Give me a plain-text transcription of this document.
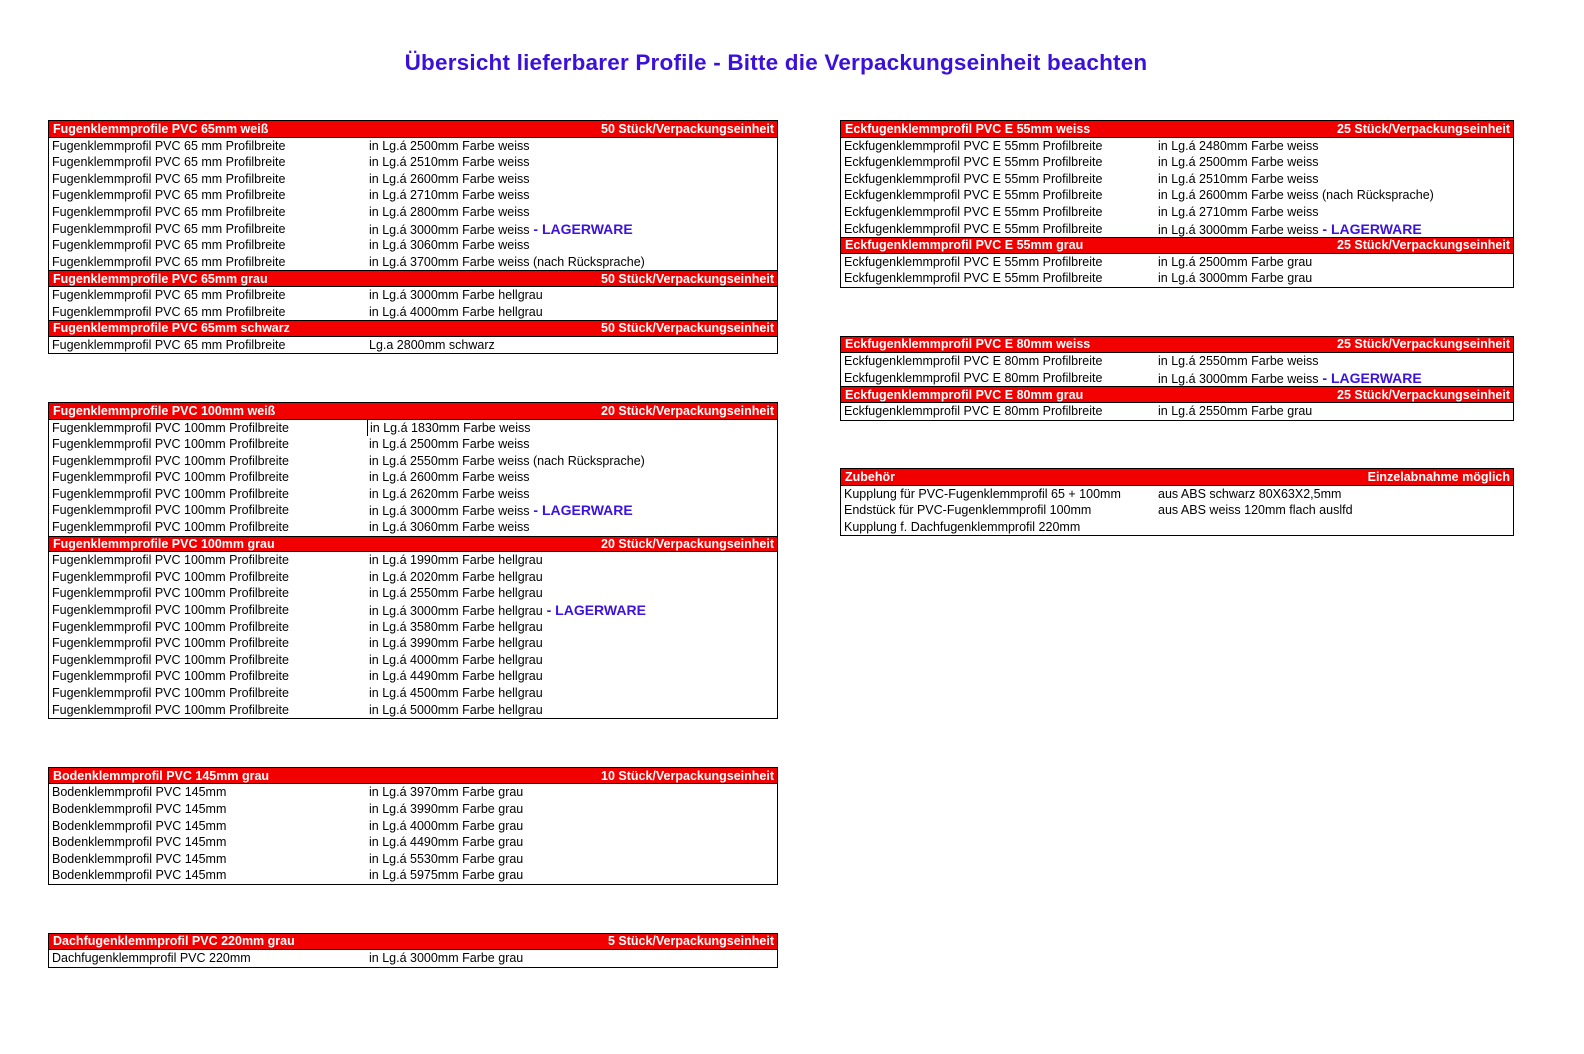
Übersicht lieferbarer Profile - Bitte die Verpackungseinheit beachten
Fugenklemmprofile PVC 65mm weiß	50 Stück/Verpackungseinheit
Fugenklemmprofil PVC 65 mm Profilbreite	in Lg.á 2500mm Farbe weiss
Fugenklemmprofil PVC 65 mm Profilbreite	in Lg.á 2510mm Farbe weiss
Fugenklemmprofil PVC 65 mm Profilbreite	in Lg.á 2600mm Farbe weiss
Fugenklemmprofil PVC 65 mm Profilbreite	in Lg.á 2710mm Farbe weiss
Fugenklemmprofil PVC 65 mm Profilbreite	in Lg.á 2800mm Farbe weiss
Fugenklemmprofil PVC 65 mm Profilbreite	in Lg.á 3000mm Farbe weiss - LAGERWARE
Fugenklemmprofil PVC 65 mm Profilbreite	in Lg.á 3060mm Farbe weiss
Fugenklemmprofil PVC 65 mm Profilbreite	in Lg.á 3700mm Farbe weiss (nach Rücksprache)
Fugenklemmprofile PVC 65mm grau	50 Stück/Verpackungseinheit
Fugenklemmprofil PVC 65 mm Profilbreite	in Lg.á 3000mm Farbe hellgrau
Fugenklemmprofil PVC 65 mm Profilbreite	in Lg.á 4000mm Farbe hellgrau
Fugenklemmprofile PVC 65mm schwarz	50 Stück/Verpackungseinheit
Fugenklemmprofil PVC 65 mm Profilbreite	Lg.a 2800mm schwarz
Fugenklemmprofile PVC 100mm weiß	20 Stück/Verpackungseinheit
Fugenklemmprofil PVC 100mm Profilbreite	in Lg.á 1830mm Farbe weiss
Fugenklemmprofil PVC 100mm Profilbreite	in Lg.á 2500mm Farbe weiss
Fugenklemmprofil PVC 100mm Profilbreite	in Lg.á 2550mm Farbe weiss (nach Rücksprache)
Fugenklemmprofil PVC 100mm Profilbreite	in Lg.á 2600mm Farbe weiss
Fugenklemmprofil PVC 100mm Profilbreite	in Lg.á 2620mm Farbe weiss
Fugenklemmprofil PVC 100mm Profilbreite	in Lg.á 3000mm Farbe weiss - LAGERWARE
Fugenklemmprofil PVC 100mm Profilbreite	in Lg.á 3060mm Farbe weiss
Fugenklemmprofile PVC 100mm grau	20 Stück/Verpackungseinheit
Fugenklemmprofil PVC 100mm Profilbreite	in Lg.á 1990mm Farbe hellgrau
Fugenklemmprofil PVC 100mm Profilbreite	in Lg.á 2020mm Farbe hellgrau
Fugenklemmprofil PVC 100mm Profilbreite	in Lg.á 2550mm Farbe hellgrau
Fugenklemmprofil PVC 100mm Profilbreite	in Lg.á 3000mm Farbe hellgrau - LAGERWARE
Fugenklemmprofil PVC 100mm Profilbreite	in Lg.á 3580mm Farbe hellgrau
Fugenklemmprofil PVC 100mm Profilbreite	in Lg.á 3990mm Farbe hellgrau
Fugenklemmprofil PVC 100mm Profilbreite	in Lg.á 4000mm Farbe hellgrau
Fugenklemmprofil PVC 100mm Profilbreite	in Lg.á 4490mm Farbe hellgrau
Fugenklemmprofil PVC 100mm Profilbreite	in Lg.á 4500mm Farbe hellgrau
Fugenklemmprofil PVC 100mm Profilbreite	in Lg.á 5000mm Farbe hellgrau
Bodenklemmprofil PVC 145mm grau	10 Stück/Verpackungseinheit
Bodenklemmprofil PVC 145mm	in Lg.á 3970mm Farbe grau
Bodenklemmprofil PVC 145mm	in Lg.á 3990mm Farbe grau
Bodenklemmprofil PVC 145mm	in Lg.á 4000mm Farbe grau
Bodenklemmprofil PVC 145mm	in Lg.á 4490mm Farbe grau
Bodenklemmprofil PVC 145mm	in Lg.á 5530mm Farbe grau
Bodenklemmprofil PVC 145mm	in Lg.á 5975mm Farbe grau
Dachfugenklemmprofil PVC 220mm grau	5 Stück/Verpackungseinheit
Dachfugenklemmprofil PVC 220mm	in Lg.á 3000mm Farbe grau
Eckfugenklemmprofil PVC E 55mm weiss	25 Stück/Verpackungseinheit
Eckfugenklemmprofil PVC E 55mm Profilbreite	in Lg.á 2480mm Farbe weiss
Eckfugenklemmprofil PVC E 55mm Profilbreite	in Lg.á 2500mm Farbe weiss
Eckfugenklemmprofil PVC E 55mm Profilbreite	in Lg.á 2510mm Farbe weiss
Eckfugenklemmprofil PVC E 55mm Profilbreite	in Lg.á 2600mm Farbe weiss (nach Rücksprache)
Eckfugenklemmprofil PVC E 55mm Profilbreite	in Lg.á 2710mm Farbe weiss
Eckfugenklemmprofil PVC E 55mm Profilbreite	in Lg.á 3000mm Farbe weiss - LAGERWARE
Eckfugenklemmprofil PVC E 55mm grau	25 Stück/Verpackungseinheit
Eckfugenklemmprofil PVC E 55mm Profilbreite	in Lg.á 2500mm Farbe grau
Eckfugenklemmprofil PVC E 55mm Profilbreite	in Lg.á 3000mm Farbe grau
Eckfugenklemmprofil PVC E 80mm weiss	25 Stück/Verpackungseinheit
Eckfugenklemmprofil PVC E 80mm Profilbreite	in Lg.á 2550mm Farbe weiss
Eckfugenklemmprofil PVC E 80mm Profilbreite	in Lg.á 3000mm Farbe weiss - LAGERWARE
Eckfugenklemmprofil PVC E 80mm grau	25 Stück/Verpackungseinheit
Eckfugenklemmprofil PVC E 80mm Profilbreite	in Lg.á 2550mm Farbe grau
Zubehör	Einzelabnahme möglich
Kupplung für PVC-Fugenklemmprofil 65 + 100mm	aus ABS schwarz 80X63X2,5mm
Endstück für PVC-Fugenklemmprofil 100mm	aus ABS weiss 120mm flach auslfd
Kupplung f. Dachfugenklemmprofil 220mm
